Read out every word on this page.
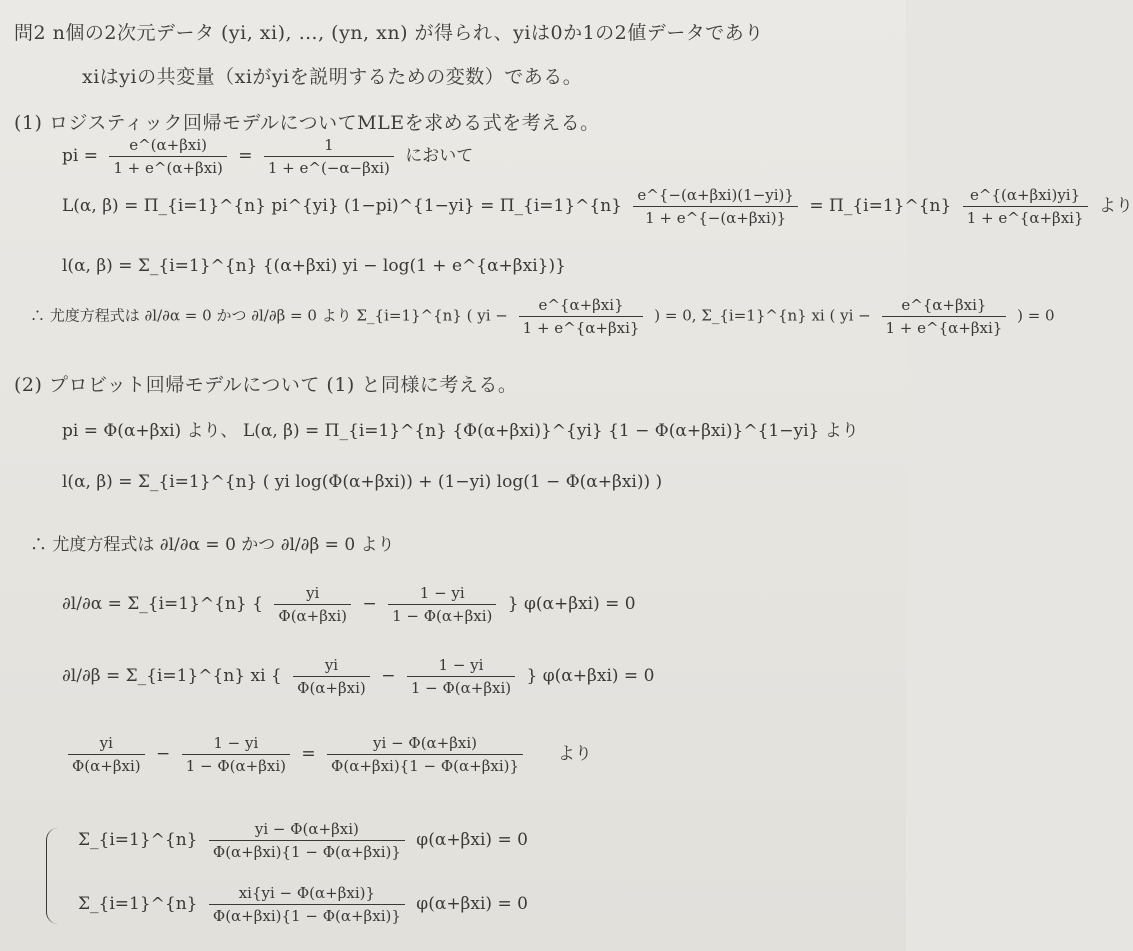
問2 n個の2次元データ (yi, xi), …, (yn, xn) が得られ、yiは0か1の2値データであり
xiはyiの共変量（xiがyiを説明するための変数）である。
(1) ロジスティック回帰モデルについてMLEを求める式を考える。
pi = $\frac{\text{e\textasciicircum{}(α+βxi)}}{\text{1 + e\textasciicircum{}(α+βxi)}} = \frac{1}{\text{1 + e\textasciicircum{}(−α−βxi)}}$ において
L(α, β) = Π_{i=1}^{n} pi^{yi} (1−pi)^{1−yi} = Π_{i=1}^{n} $\frac{\text{e\textasciicircum{}\{−(α+βxi)(1−yi)\}}}{\text{1 + e\textasciicircum{}\{−(α+βxi)\}}}$ = Π_{i=1}^{n} $\frac{\text{e\textasciicircum{}\{(α+βxi)yi\}}}{\text{1 + e\textasciicircum{}\{α+βxi\}}}$ より
l(α, β) = Σ_{i=1}^{n} {(α+βxi) yi − log(1 + e^{α+βxi})}
∴ 尤度方程式は ∂l/∂α = 0 かつ ∂l/∂β = 0 より Σ_{i=1}^{n} ( yi − $\frac{\text{e\textasciicircum{}\{α+βxi\}}}{\text{1 + e\textasciicircum{}\{α+βxi\}}}$ ) = 0, Σ_{i=1}^{n} xi ( yi − $\frac{\text{e\textasciicircum{}\{α+βxi\}}}{\text{1 + e\textasciicircum{}\{α+βxi\}}}$ ) = 0
(2) プロビット回帰モデルについて (1) と同様に考える。
pi = Φ(α+βxi) より、 L(α, β) = Π_{i=1}^{n} {Φ(α+βxi)}^{yi} {1 − Φ(α+βxi)}^{1−yi} より
l(α, β) = Σ_{i=1}^{n} ( yi log(Φ(α+βxi)) + (1−yi) log(1 − Φ(α+βxi)) )
∴ 尤度方程式は ∂l/∂α = 0 かつ ∂l/∂β = 0 より
∂l/∂α = Σ_{i=1}^{n} { $\frac{yi}{\text{Φ(α+βxi)}} - \frac{1 - yi}{\text{1 − Φ(α+βxi)}}$ } φ(α+βxi) = 0
∂l/∂β = Σ_{i=1}^{n} xi { $\frac{yi}{\text{Φ(α+βxi)}} - \frac{1 - yi}{\text{1 − Φ(α+βxi)}}$ } φ(α+βxi) = 0
$\frac{yi}{\text{Φ(α+βxi)}} - \frac{1 - yi}{\text{1 − Φ(α+βxi)}} = \frac{\text{yi − Φ(α+βxi)}}{\text{Φ(α+βxi)\{1 − Φ(α+βxi)\}}}$ より
Σ_{i=1}^{n} $\frac{\text{yi − Φ(α+βxi)}}{\text{Φ(α+βxi)\{1 − Φ(α+βxi)\}}} \varphi(\alpha+\beta xi) = 0$
Σ_{i=1}^{n} $\frac{\text{xi\{yi − Φ(α+βxi)\}}}{\text{Φ(α+βxi)\{1 − Φ(α+βxi)\}}} \varphi(\alpha+\beta xi) = 0$
